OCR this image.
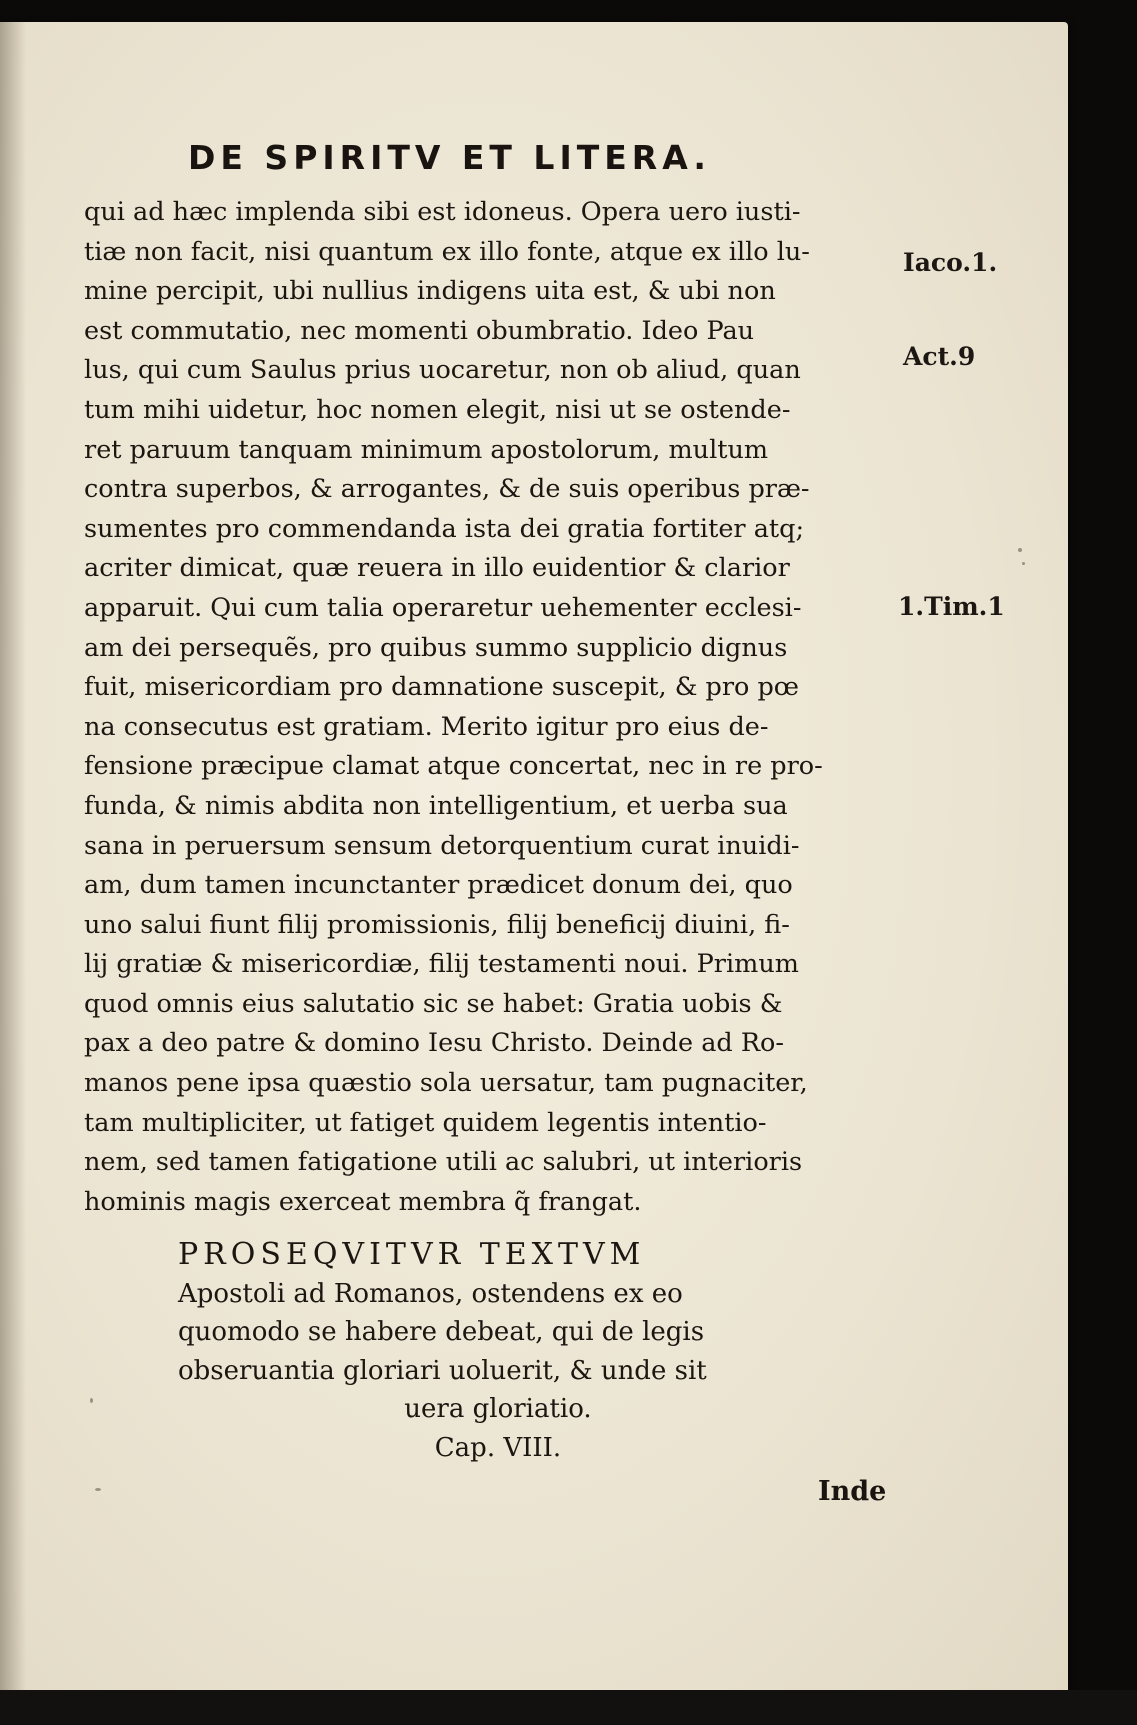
DE SPIRITV ET LITERA.
qui ad hæc implenda sibi est idoneus. Opera uero iusti-
tiæ non facit, nisi quantum ex illo fonte, atque ex illo lu-
mine percipit, ubi nullius indigens uita est, & ubi non
est commutatio, nec momenti obumbratio. Ideo Pau
lus, qui cum Saulus prius uocaretur, non ob aliud, quan
tum mihi uidetur, hoc nomen elegit, nisi ut se ostende-
ret paruum tanquam minimum apostolorum, multum
contra superbos, & arrogantes, & de suis operibus præ-
sumentes pro commendanda ista dei gratia fortiter atq;
acriter dimicat, quæ reuera in illo euidentior & clarior
apparuit. Qui cum talia operaretur uehementer ecclesi-
am dei persequẽs, pro quibus summo supplicio dignus
fuit, misericordiam pro damnatione suscepit, & pro pœ
na consecutus est gratiam. Merito igitur pro eius de-
fensione præcipue clamat atque concertat, nec in re pro-
funda, & nimis abdita non intelligentium, et uerba sua
sana in peruersum sensum detorquentium curat inuidi-
am, dum tamen incunctanter prædicet donum dei, quo
uno salui fiunt filij promissionis, filij beneficij diuini, fi-
lij gratiæ & misericordiæ, filij testamenti noui. Primum
quod omnis eius salutatio sic se habet: Gratia uobis &
pax a deo patre & domino Iesu Christo. Deinde ad Ro-
manos pene ipsa quæstio sola uersatur, tam pugnaciter,
tam multipliciter, ut fatiget quidem legentis intentio-
nem, sed tamen fatigatione utili ac salubri, ut interioris
hominis magis exerceat membra q̃ frangat.
Iaco.1.
Act.9
1.Tim.1
PROSEQVITVR TEXTVM
Apostoli ad Romanos, ostendens ex eo
quomodo se habere debeat, qui de legis
obseruantia gloriari uoluerit, & unde sit
uera gloriatio.
Cap. VIII.
Inde
